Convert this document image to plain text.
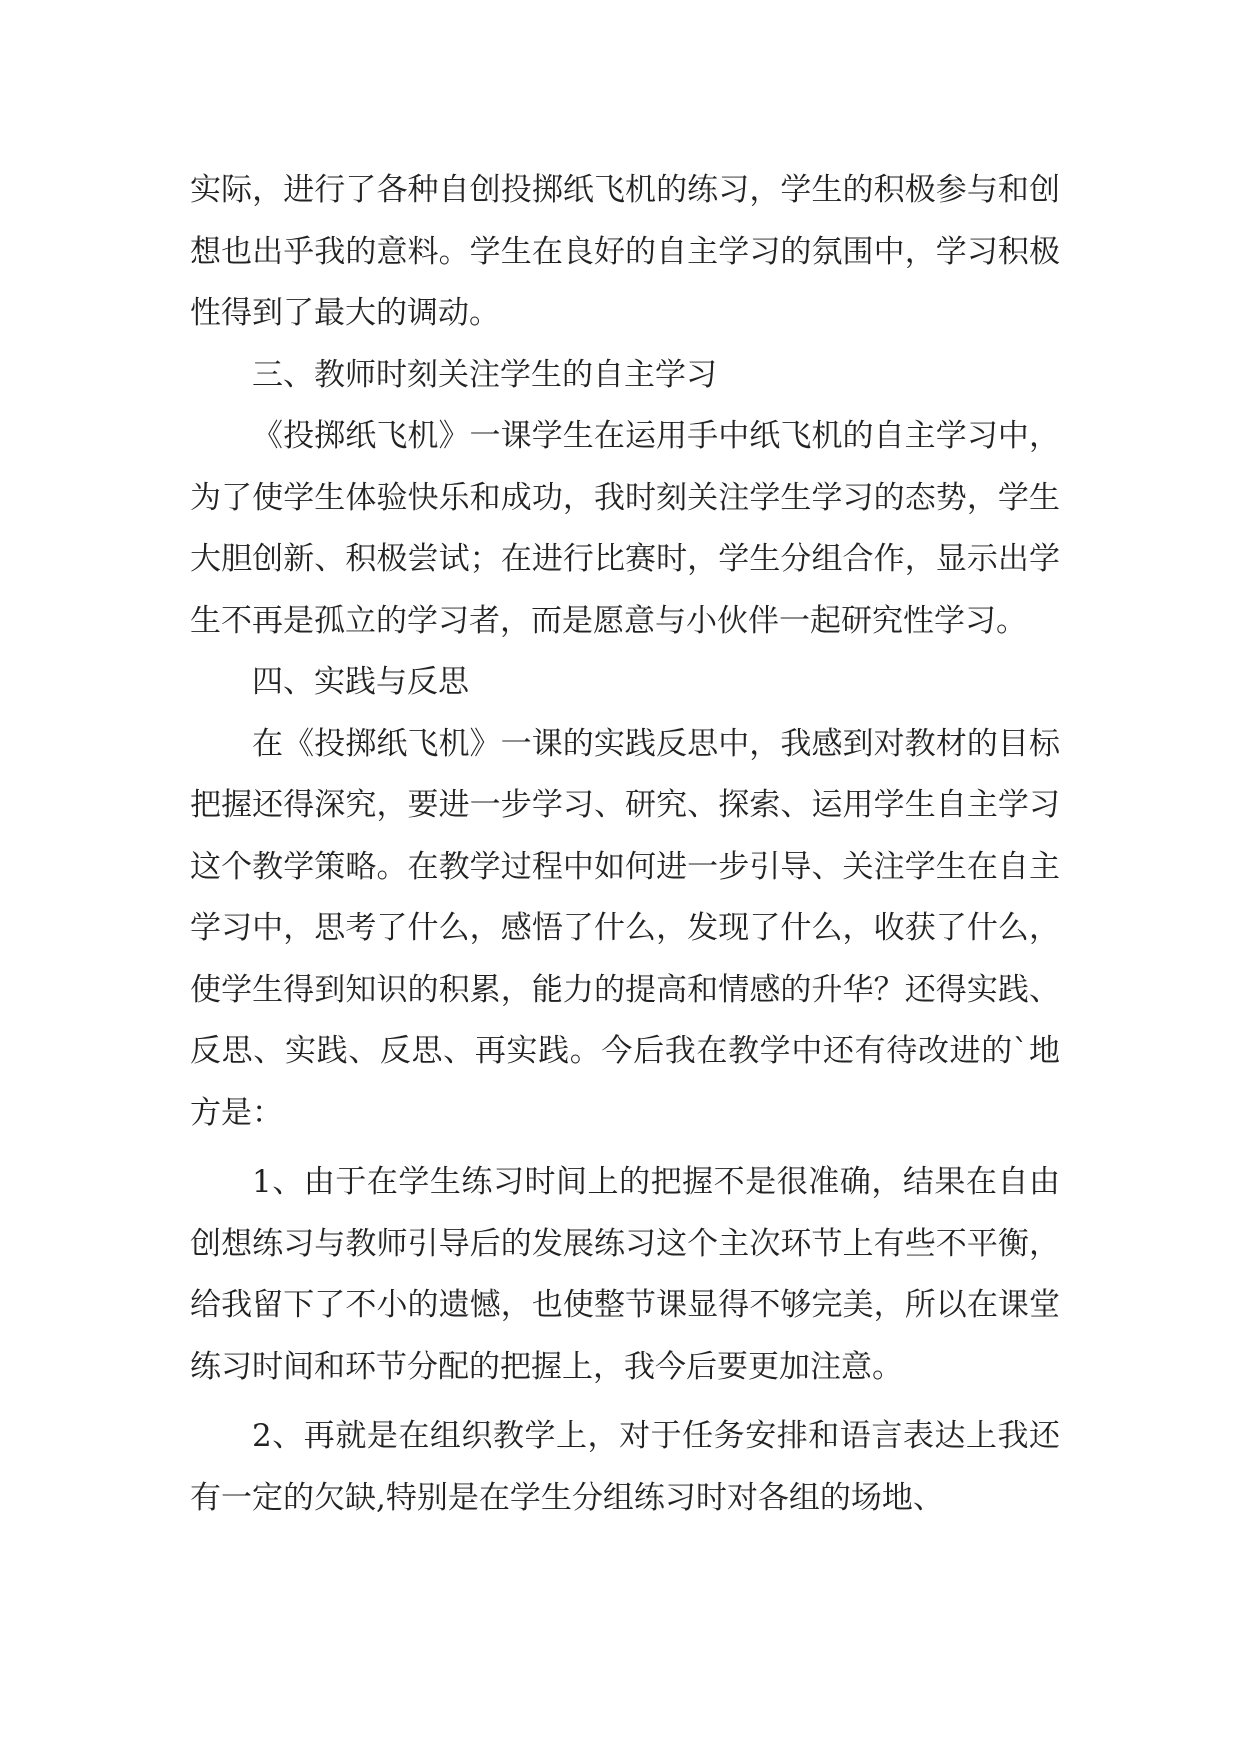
实际，进行了各种自创投掷纸飞机的练习，学生的积极参与和创想也出乎我的意料。学生在良好的自主学习的氛围中，学习积极性得到了最大的调动。

三、教师时刻关注学生的自主学习

《投掷纸飞机》一课学生在运用手中纸飞机的自主学习中，为了使学生体验快乐和成功，我时刻关注学生学习的态势，学生大胆创新、积极尝试；在进行比赛时，学生分组合作，显示出学生不再是孤立的学习者，而是愿意与小伙伴一起研究性学习。

四、实践与反思

在《投掷纸飞机》一课的实践反思中，我感到对教材的目标把握还得深究，要进一步学习、研究、探索、运用学生自主学习这个教学策略。在教学过程中如何进一步引导、关注学生在自主学习中，思考了什么，感悟了什么，发现了什么，收获了什么，使学生得到知识的积累，能力的提高和情感的升华？还得实践、反思、实践、反思、再实践。今后我在教学中还有待改进的`地方是：

1、由于在学生练习时间上的把握不是很准确，结果在自由创想练习与教师引导后的发展练习这个主次环节上有些不平衡，给我留下了不小的遗憾，也使整节课显得不够完美，所以在课堂练习时间和环节分配的把握上，我今后要更加注意。

2、再就是在组织教学上，对于任务安排和语言表达上我还有一定的欠缺,特别是在学生分组练习时对各组的场地、
